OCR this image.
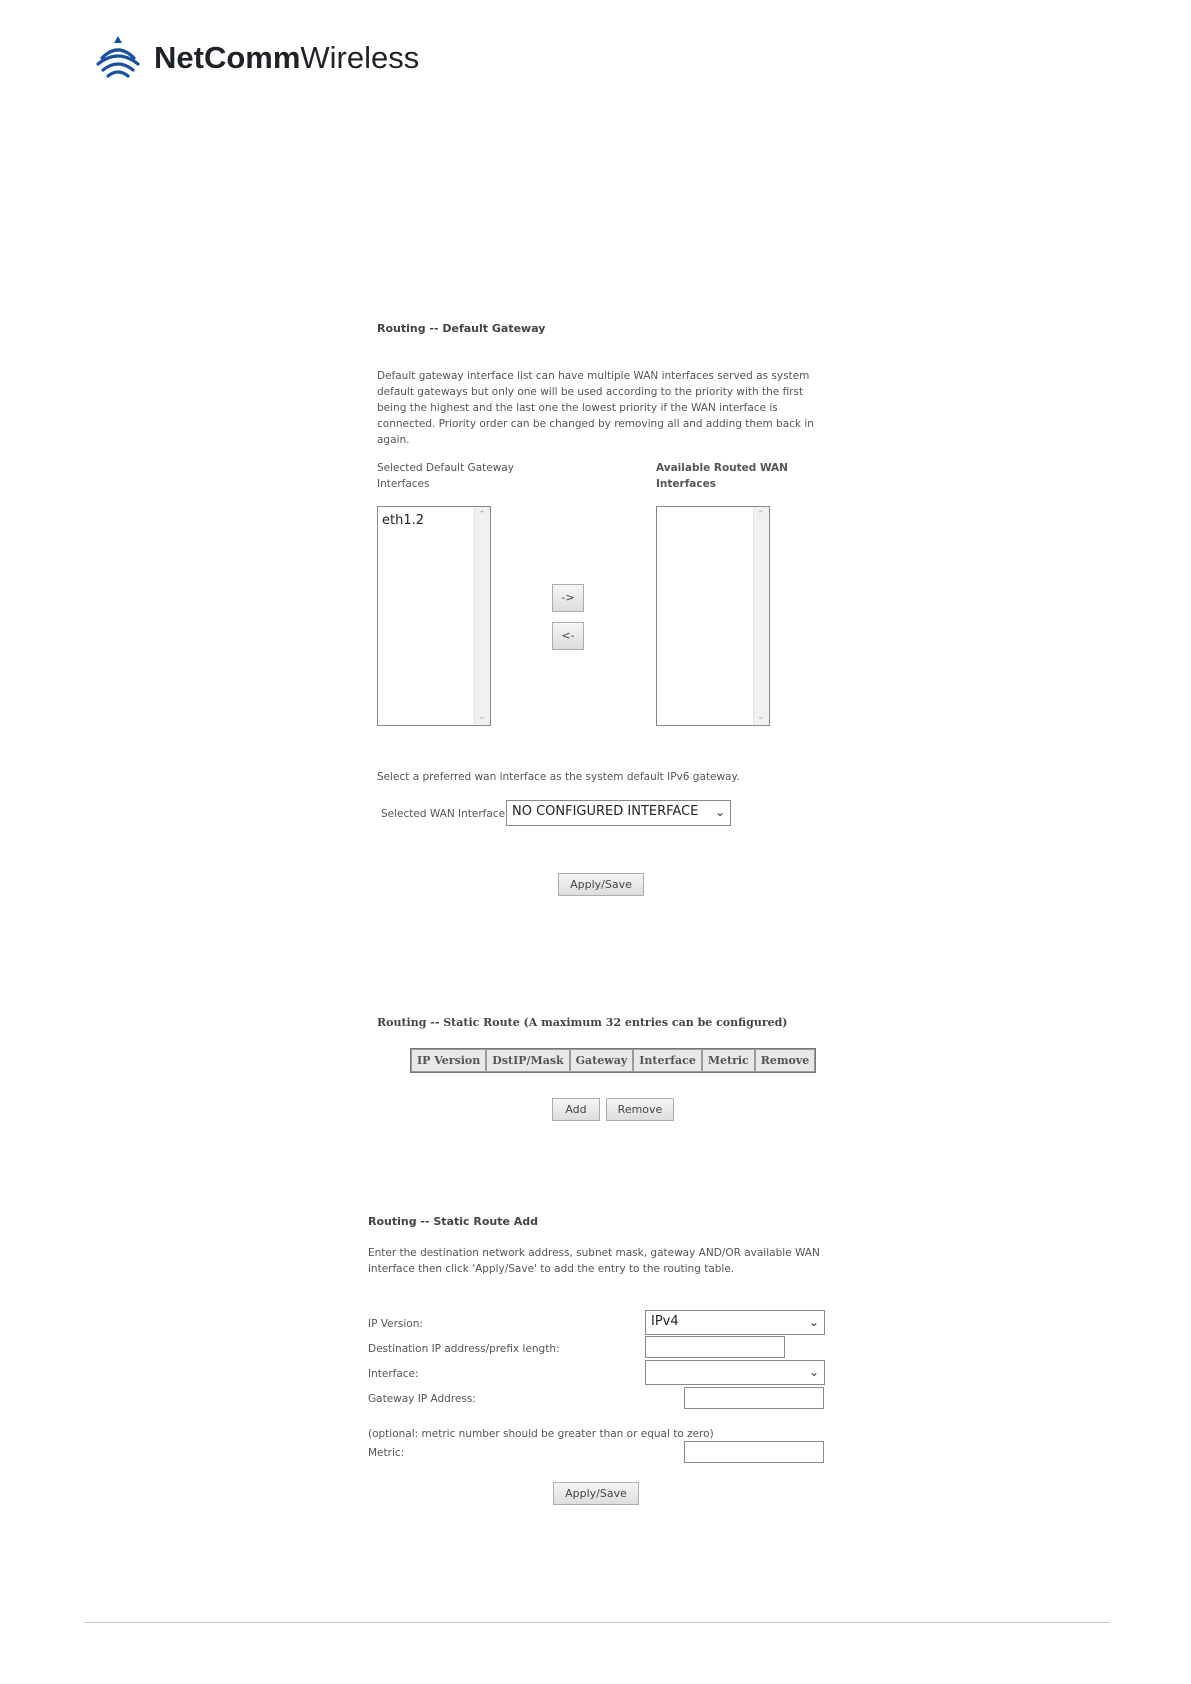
NetCommWireless
Routing -- Default Gateway
Default gateway interface list can have multiple WAN interfaces served as system default gateways but only one will be used according to the priority with the first being the highest and the last one the lowest priority if the WAN interface is connected. Priority order can be changed by removing all and adding them back in again.
Selected Default Gateway Interfaces
Available Routed WAN Interfaces
eth1.2	⌃
⌄
->
<-
⌃
⌄
Select a preferred wan interface as the system default IPv6 gateway.
Selected WAN Interface NO CONFIGURED INTERFACE ⌄
Apply/Save
Routing -- Static Route (A maximum 32 entries can be configured)
IP Version	DstIP/Mask	Gateway	Interface	Metric	Remove
Add	Remove
Routing -- Static Route Add
Enter the destination network address, subnet mask, gateway AND/OR available WAN interface then click 'Apply/Save' to add the entry to the routing table.
IP Version:	IPv4	⌄
Destination IP address/prefix length:
Interface:	⌄
Gateway IP Address:
(optional: metric number should be greater than or equal to zero)
Metric:
Apply/Save
